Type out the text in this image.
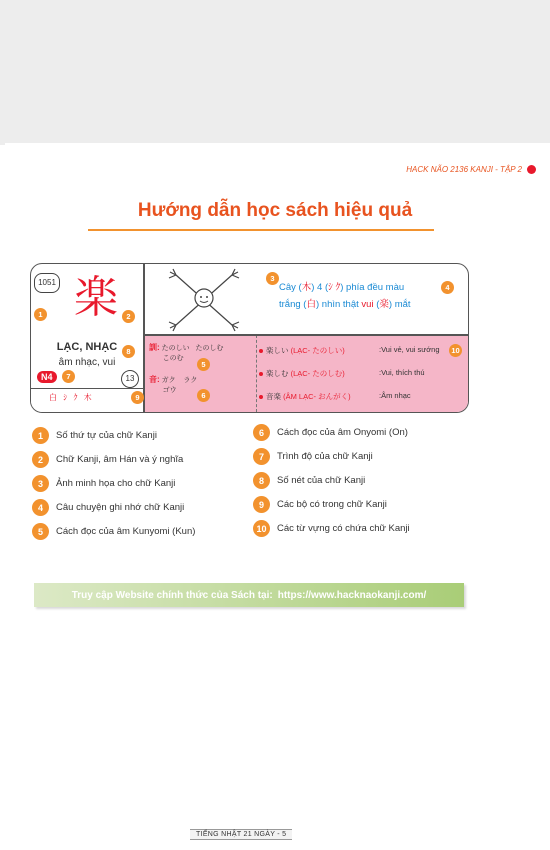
HACK NÃO 2136 KANJI - TẬP 2
Hướng dẫn học sách hiệu quả
1051 楽
LẠC, NHẠC
âm nhạc, vui
N4	13
白 ｼ ｸ 木
Cây (木) 4 (ｼ ｸ) phía đều màu
trắng (白) nhìn thật vui (楽) mắt
訓: たのしい たのしむ
このむ
音: ガク ラク
ゴウ
楽しい (LẠC- たのしい)	:Vui vẻ, vui sướng
楽しむ (LẠC- たのしむ)	:Vui, thích thú
音楽 (ÂM LẠC- おんがく)	:Âm nhạc
1	2
3
4
5
6
7
8
9
10
1	Số thứ tự của chữ Kanji
2	Chữ Kanji, âm Hán và ý nghĩa
3	Ảnh minh họa cho chữ Kanji
4	Câu chuyện ghi nhớ chữ Kanji
5	Cách đọc của âm Kunyomi (Kun)
6	Cách đọc của âm Onyomi (On)
7	Trình độ của chữ Kanji
8	Số nét của chữ Kanji
9	Các bộ có trong chữ Kanji
10	Các từ vựng có chứa chữ Kanji
Truy cập Website chính thức của Sách tại: https://www.hacknaokanji.com/
TIẾNG NHẬT 21 NGÀY - 5
